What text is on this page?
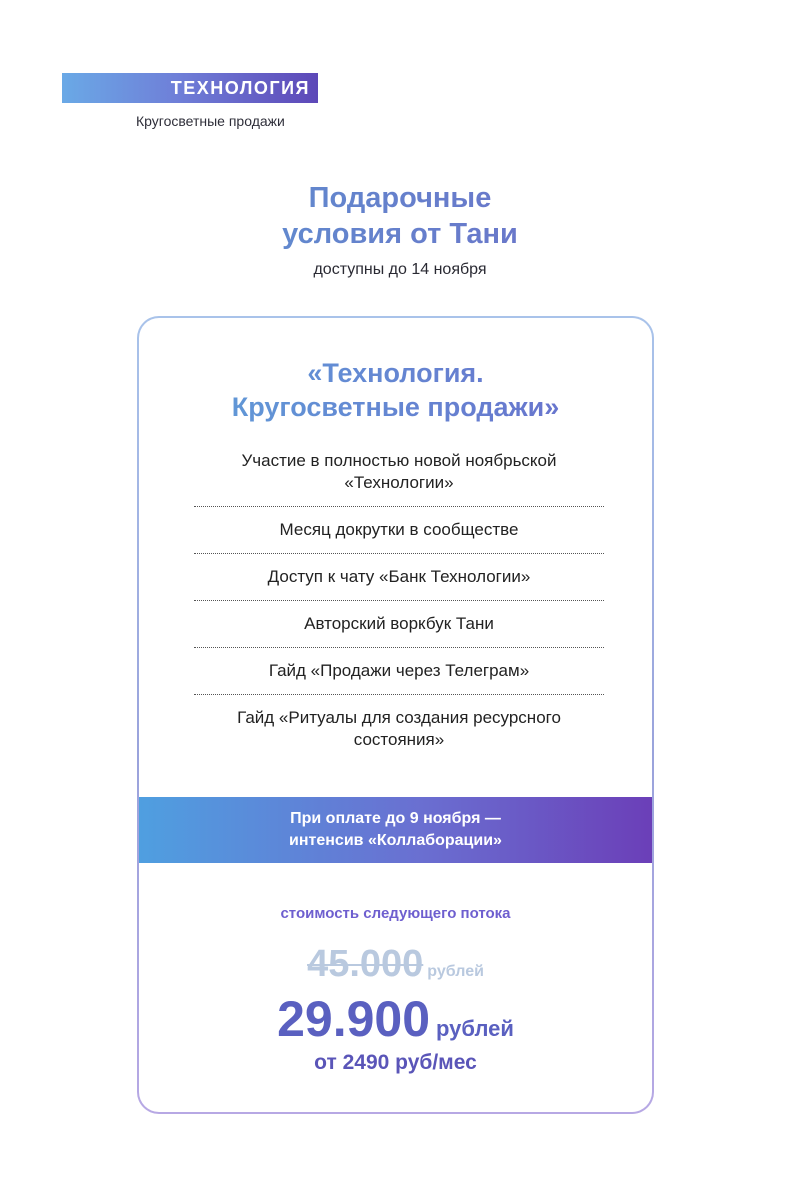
ТЕХНОЛОГИЯ
Кругосветные продажи
Подарочные
условия от Тани
доступны до 14 ноября
«Технология.
Кругосветные продажи»
Участие в полностью новой ноябрьской «Технологии»
Месяц докрутки в сообществе
Доступ к чату «Банк Технологии»
Авторский воркбук Тани
Гайд «Продажи через Телеграм»
Гайд «Ритуалы для создания ресурсного состояния»
При оплате до 9 ноября —
интенсив «Коллаборации»
стоимость следующего потока
45.000 рублей
29.900 рублей
от 2490 руб/мес
